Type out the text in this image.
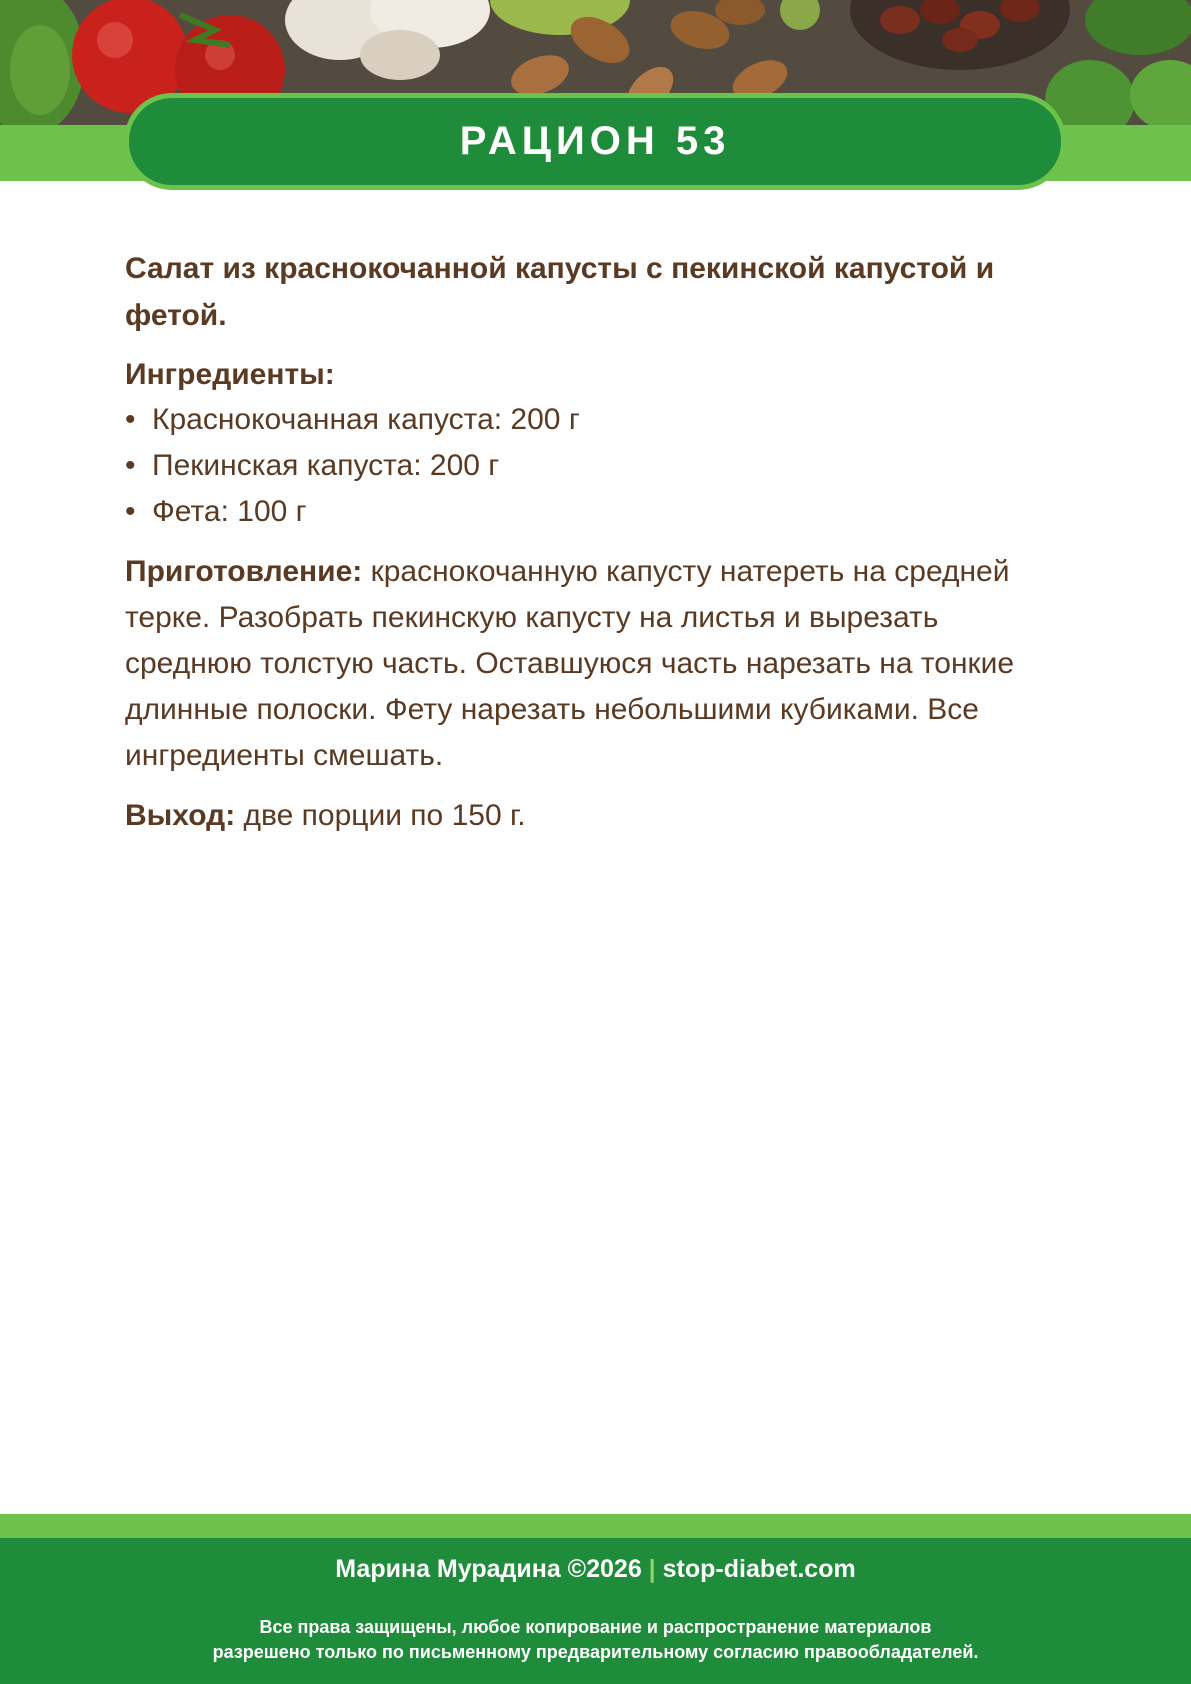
РАЦИОН 53
Салат из краснокочанной капусты с пекинской капустой и фетой.
Ингредиенты:
• Краснокочанная капуста: 200 г
• Пекинская капуста: 200 г
• Фета: 100 г

Приготовление: краснокочанную капусту натереть на средней терке. Разобрать пекинскую капусту на листья и вырезать среднюю толстую часть. Оставшуюся часть нарезать на тонкие длинные полоски. Фету нарезать небольшими кубиками. Все ингредиенты смешать.

Выход: две порции по 150 г.

Марина Мурадина ©2026 | stop-diabet.com
Все права защищены, любое копирование и распространение материалов
разрешено только по письменному предварительному согласию правообладателей.
